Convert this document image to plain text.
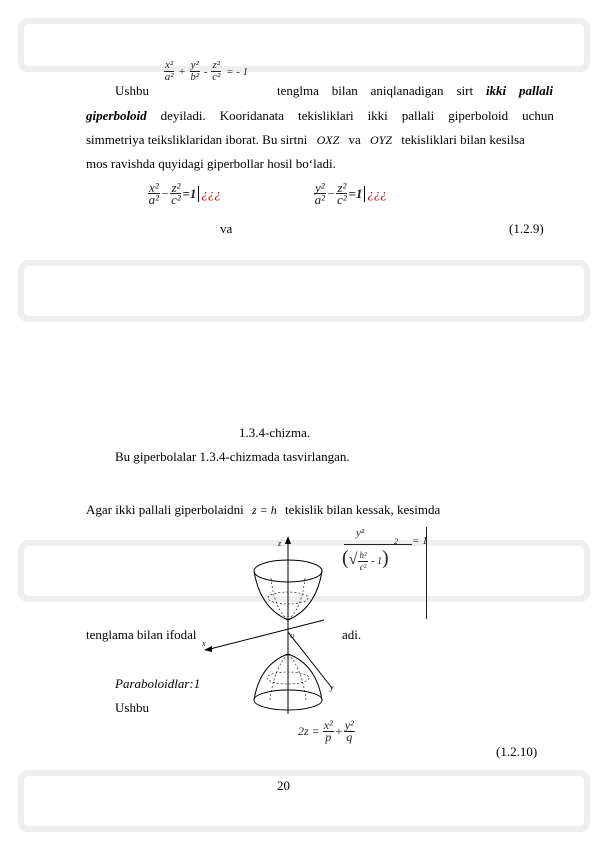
Ushbu
$\frac{\text{x²}}{\text{a²}} + \frac{\text{y²}}{\text{b²}} - \frac{\text{z²}}{\text{c²}}$ = - 1
tenglma bilan aniqlanadigan sirt ikki pallali
giperboloid deyiladi. Kooridanata tekisliklari ikki pallali giperboloid uchun
simmetriya teiksliklaridan iborat. Bu sirtni OXZ va OYZ tekisliklari bilan kesilsa
mos ravishda quyidagi giperbollar hosil bo‘ladi.
$\frac{\text{x²}}{\text{a²}} - \frac{\text{z²}}{\text{c²}} =1$ ¿¿¿
va
$\frac{\text{y²}}{\text{a²}} - \frac{\text{z²}}{\text{c²}} =1$ ¿¿¿
(1.2.9)
1.3.4-chizma.
Bu giperbolalar 1.3.4-chizmada tasvirlangan.
Agar ikki pallali giperbolaidni z = h tekislik bilan kessak, kesimda
y²
(√ $\frac{\text{h²}}{\text{c²}} - 1$)
2 = 1
z
x
y
O
tenglama bilan ifodal	adi.
Paraboloidlar:1
Ushbu
$2z = \frac{\text{x²}}{p} + \frac{\text{y²}}{q}$
(1.2.10)
20
